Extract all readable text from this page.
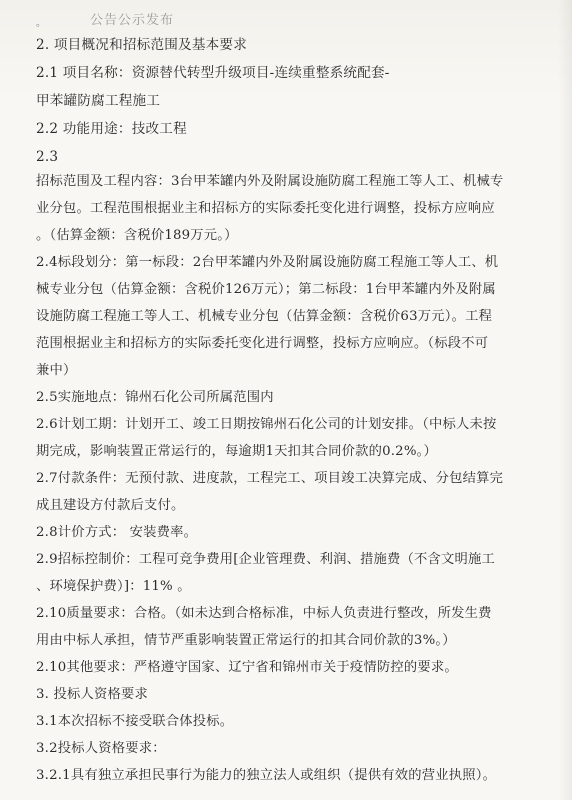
公告公示发布
。
2. 项目概况和招标范围及基本要求
2.1 项目名称：资源替代转型升级项目-连续重整系统配套-
甲苯罐防腐工程施工
2.2 功能用途：技改工程
2.3
招标范围及工程内容：3台甲苯罐内外及附属设施防腐工程施工等人工、机械专
业分包。工程范围根据业主和招标方的实际委托变化进行调整，投标方应响应
。（估算金额：含税价189万元。）
2.4标段划分：第一标段：2台甲苯罐内外及附属设施防腐工程施工等人工、机
械专业分包（估算金额：含税价126万元）；第二标段：1台甲苯罐内外及附属
设施防腐工程施工等人工、机械专业分包（估算金额：含税价63万元）。工程
范围根据业主和招标方的实际委托变化进行调整，投标方应响应。（标段不可
兼中）
2.5实施地点：锦州石化公司所属范围内
2.6计划工期：计划开工、竣工日期按锦州石化公司的计划安排。（中标人未按
期完成，影响装置正常运行的，每逾期1天扣其合同价款的0.2%。）
2.7付款条件：无预付款、进度款，工程完工、项目竣工决算完成、分包结算完
成且建设方付款后支付。
2.8计价方式： 安装费率。
2.9招标控制价：工程可竞争费用[企业管理费、利润、措施费（不含文明施工
、环境保护费）]：11% 。
2.10质量要求：合格。（如未达到合格标准，中标人负责进行整改，所发生费
用由中标人承担，情节严重影响装置正常运行的扣其合同价款的3%。）
2.10其他要求：严格遵守国家、辽宁省和锦州市关于疫情防控的要求。
3. 投标人资格要求
3.1本次招标不接受联合体投标。
3.2投标人资格要求：
3.2.1具有独立承担民事行为能力的独立法人或组织（提供有效的营业执照）。
